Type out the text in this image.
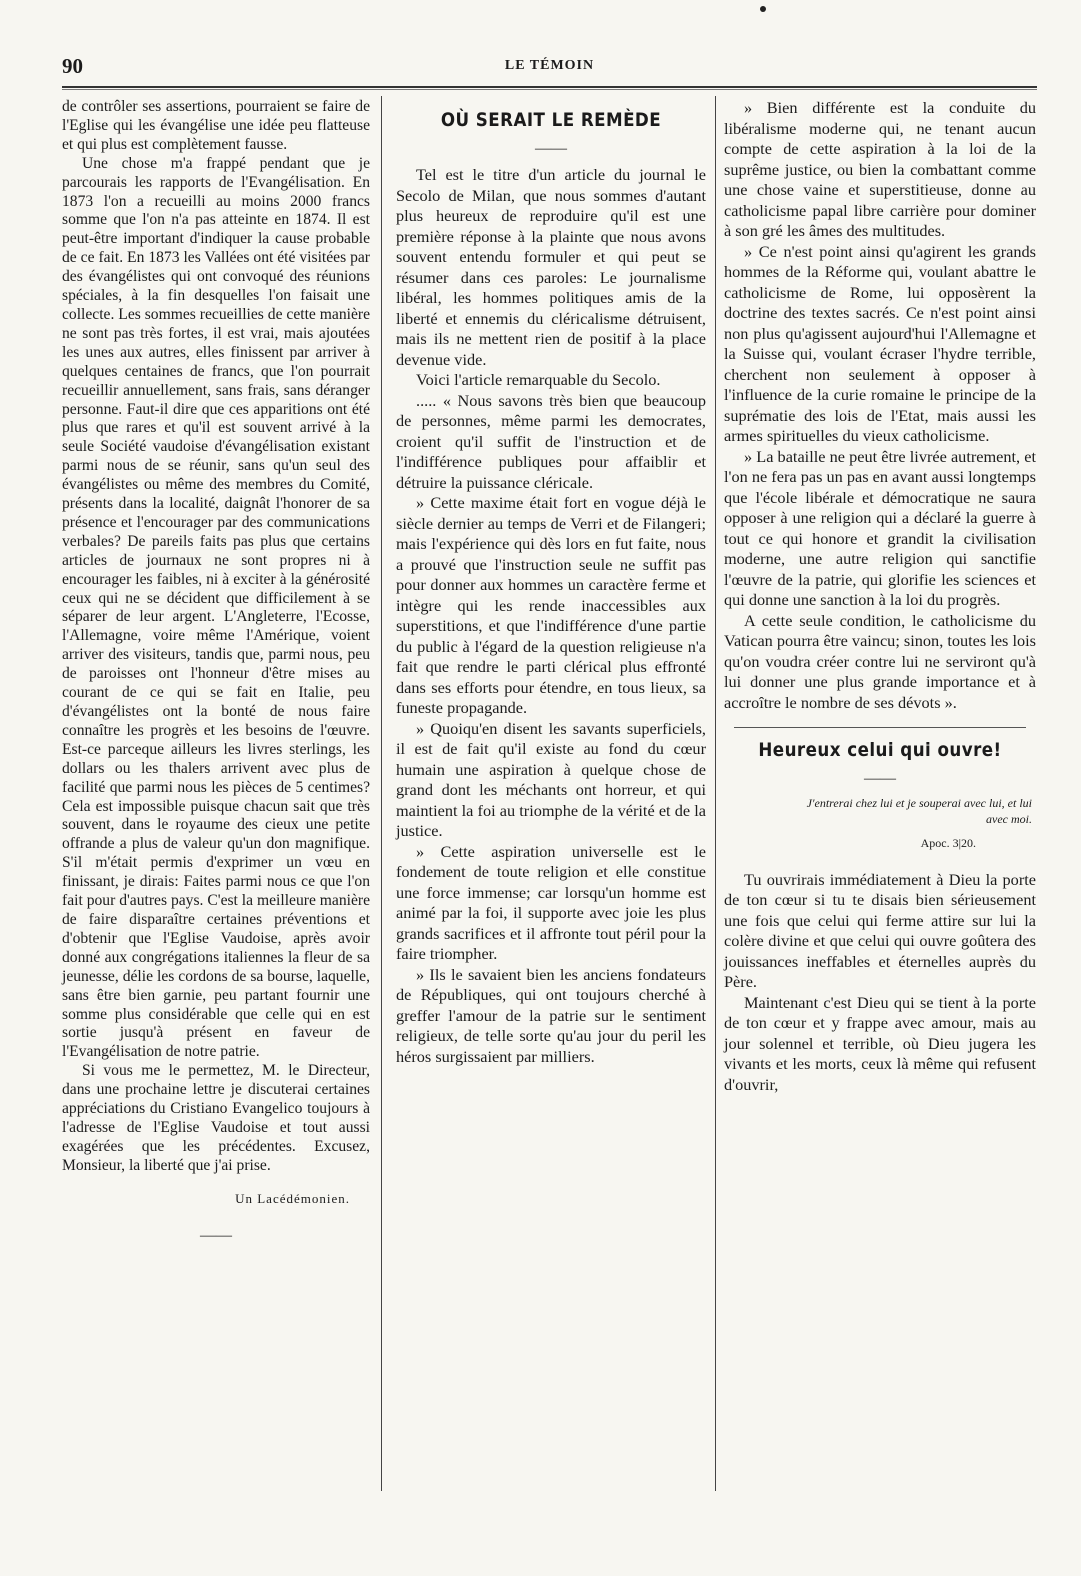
90	LE TÉMOIN

de contrôler ses assertions, pourraient se faire de l'Eglise qui les évangélise une idée peu flatteuse et qui plus est complètement fausse.

Une chose m'a frappé pendant que je parcourais les rapports de l'Evangélisation. En 1873 l'on a recueilli au moins 2000 francs somme que l'on n'a pas atteinte en 1874. Il est peut-être important d'indiquer la cause probable de ce fait. En 1873 les Vallées ont été visitées par des évangélistes qui ont convoqué des réunions spéciales, à la fin desquelles l'on faisait une collecte. Les sommes recueillies de cette manière ne sont pas très fortes, il est vrai, mais ajoutées les unes aux autres, elles finissent par arriver à quelques centaines de francs, que l'on pourrait recueillir annuellement, sans frais, sans déranger personne. Faut-il dire que ces apparitions ont été plus que rares et qu'il est souvent arrivé à la seule Société vaudoise d'évangélisation existant parmi nous de se réunir, sans qu'un seul des évangélistes ou même des membres du Comité, présents dans la localité, daignât l'honorer de sa présence et l'encourager par des communications verbales? De pareils faits pas plus que certains articles de journaux ne sont propres ni à encourager les faibles, ni à exciter à la générosité ceux qui ne se décident que difficilement à se séparer de leur argent. L'Angleterre, l'Ecosse, l'Allemagne, voire même l'Amérique, voient arriver des visiteurs, tandis que, parmi nous, peu de paroisses ont l'honneur d'être mises au courant de ce qui se fait en Italie, peu d'évangélistes ont la bonté de nous faire connaître les progrès et les besoins de l'œuvre. Est-ce parceque ailleurs les livres sterlings, les dollars ou les thalers arrivent avec plus de facilité que parmi nous les pièces de 5 centimes? Cela est impossible puisque chacun sait que très souvent, dans le royaume des cieux une petite offrande a plus de valeur qu'un don magnifique. S'il m'était permis d'exprimer un vœu en finissant, je dirais: Faites parmi nous ce que l'on fait pour d'autres pays. C'est la meilleure manière de faire disparaître certaines préventions et d'obtenir que l'Eglise Vaudoise, après avoir donné aux congrégations italiennes la fleur de sa jeunesse, délie les cordons de sa bourse, laquelle, sans être bien garnie, peu partant fournir une somme plus considérable que celle qui en est sortie jusqu'à présent en faveur de l'Evangélisation de notre patrie.

Si vous me le permettez, M. le Directeur, dans une prochaine lettre je discuterai certaines appréciations du Cristiano Evangelico toujours à l'adresse de l'Eglise Vaudoise et tout aussi exagérées que les précédentes. Excusez, Monsieur, la liberté que j'ai prise.

Un Lacédémonien.
——
OÙ SERAIT LE REMÈDE
——

Tel est le titre d'un article du journal le Secolo de Milan, que nous sommes d'autant plus heureux de reproduire qu'il est une première réponse à la plainte que nous avons souvent entendu formuler et qui peut se résumer dans ces paroles: Le journalisme libéral, les hommes politiques amis de la liberté et ennemis du cléricalisme détruisent, mais ils ne mettent rien de positif à la place devenue vide.

Voici l'article remarquable du Secolo.

..... « Nous savons très bien que beaucoup de personnes, même parmi les democrates, croient qu'il suffit de l'instruction et de l'indifférence publiques pour affaiblir et détruire la puissance cléricale.

» Cette maxime était fort en vogue déjà le siècle dernier au temps de Verri et de Filangeri; mais l'expérience qui dès lors en fut faite, nous a prouvé que l'instruction seule ne suffit pas pour donner aux hommes un caractère ferme et intègre qui les rende inaccessibles aux superstitions, et que l'indifférence d'une partie du public à l'égard de la question religieuse n'a fait que rendre le parti clérical plus effronté dans ses efforts pour étendre, en tous lieux, sa funeste propagande.

» Quoiqu'en disent les savants superficiels, il est de fait qu'il existe au fond du cœur humain une aspiration à quelque chose de grand dont les méchants ont horreur, et qui maintient la foi au triomphe de la vérité et de la justice.

» Cette aspiration universelle est le fondement de toute religion et elle constitue une force immense; car lorsqu'un homme est animé par la foi, il supporte avec joie les plus grands sacrifices et il affronte tout péril pour la faire triompher.

» Ils le savaient bien les anciens fondateurs de Républiques, qui ont toujours cherché à greffer l'amour de la patrie sur le sentiment religieux, de telle sorte qu'au jour du peril les héros surgissaient par milliers.

» Bien différente est la conduite du libéralisme moderne qui, ne tenant aucun compte de cette aspiration à la loi de la suprême justice, ou bien la combattant comme une chose vaine et superstitieuse, donne au catholicisme papal libre carrière pour dominer à son gré les âmes des multitudes.

» Ce n'est point ainsi qu'agirent les grands hommes de la Réforme qui, voulant abattre le catholicisme de Rome, lui opposèrent la doctrine des textes sacrés. Ce n'est point ainsi non plus qu'agissent aujourd'hui l'Allemagne et la Suisse qui, voulant écraser l'hydre terrible, cherchent non seulement à opposer à l'influence de la curie romaine le principe de la suprématie des lois de l'Etat, mais aussi les armes spirituelles du vieux catholicisme.

» La bataille ne peut être livrée autrement, et l'on ne fera pas un pas en avant aussi longtemps que l'école libérale et démocratique ne saura opposer à une religion qui a déclaré la guerre à tout ce qui honore et grandit la civilisation moderne, une autre religion qui sanctifie l'œuvre de la patrie, qui glorifie les sciences et qui donne une sanction à la loi du progrès.

A cette seule condition, le catholicisme du Vatican pourra être vaincu; sinon, toutes les lois qu'on voudra créer contre lui ne serviront qu'à lui donner une plus grande importance et à accroître le nombre de ses dévots ».

Heureux celui qui ouvre!
——
J'entrerai chez lui et je souperai avec lui, et lui avec moi.
Apoc. 3|20.

Tu ouvrirais immédiatement à Dieu la porte de ton cœur si tu te disais bien sérieusement une fois que celui qui ferme attire sur lui la colère divine et que celui qui ouvre goûtera des jouissances ineffables et éternelles auprès du Père.

Maintenant c'est Dieu qui se tient à la porte de ton cœur et y frappe avec amour, mais au jour solennel et terrible, où Dieu jugera les vivants et les morts, ceux là même qui refusent d'ouvrir,
